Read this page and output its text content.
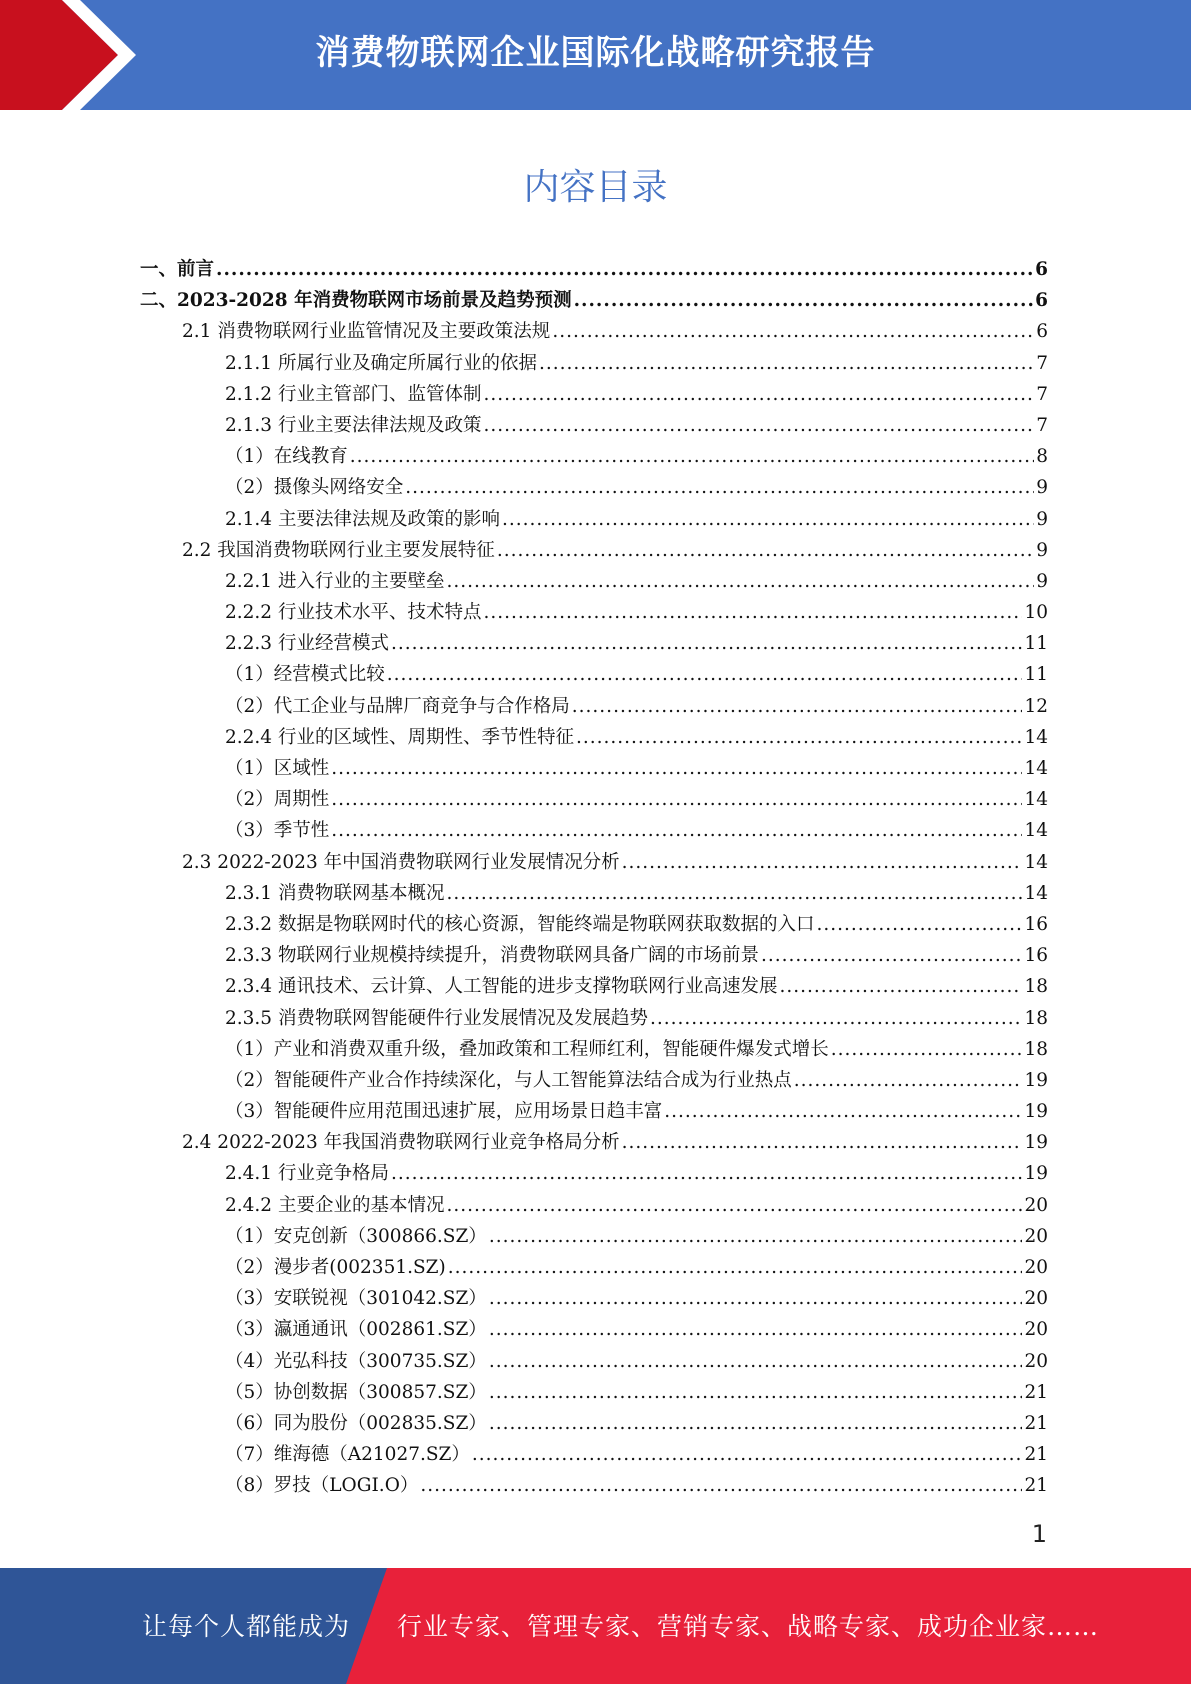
消费物联网企业国际化战略研究报告
内容目录
一、前言 .....	6
二、2023-2028 年消费物联网市场前景及趋势预测 .....	6
2.1 消费物联网行业监管情况及主要政策法规 .....	6
2.1.1 所属行业及确定所属行业的依据 .....	7
2.1.2 行业主管部门、监管体制 .....	7
2.1.3 行业主要法律法规及政策 .....	7
（1）在线教育 .....	8
（2）摄像头网络安全 .....	9
2.1.4 主要法律法规及政策的影响 .....	9
2.2 我国消费物联网行业主要发展特征 .....	9
2.2.1 进入行业的主要壁垒 .....	9
2.2.2 行业技术水平、技术特点 .....	10
2.2.3 行业经营模式 .....	11
（1）经营模式比较 .....	11
（2）代工企业与品牌厂商竞争与合作格局 .....	12
2.2.4 行业的区域性、周期性、季节性特征 .....	14
（1）区域性 .....	14
（2）周期性 .....	14
（3）季节性 .....	14
2.3 2022-2023 年中国消费物联网行业发展情况分析 .....	14
2.3.1 消费物联网基本概况 .....	14
2.3.2 数据是物联网时代的核心资源，智能终端是物联网获取数据的入口 .....	16
2.3.3 物联网行业规模持续提升，消费物联网具备广阔的市场前景 .....	16
2.3.4 通讯技术、云计算、人工智能的进步支撑物联网行业高速发展 .....	18
2.3.5 消费物联网智能硬件行业发展情况及发展趋势 .....	18
（1）产业和消费双重升级，叠加政策和工程师红利，智能硬件爆发式增长 .....	18
（2）智能硬件产业合作持续深化，与人工智能算法结合成为行业热点 .....	19
（3）智能硬件应用范围迅速扩展，应用场景日趋丰富 .....	19
2.4 2022-2023 年我国消费物联网行业竞争格局分析 .....	19
2.4.1 行业竞争格局 .....	19
2.4.2 主要企业的基本情况 .....	20
（1）安克创新（300866.SZ） .....	20
（2）漫步者(002351.SZ) .....	20
（3）安联锐视（301042.SZ） .....	20
（3）瀛通通讯（002861.SZ） .....	20
（4）光弘科技（300735.SZ） .....	20
（5）协创数据（300857.SZ） .....	21
（6）同为股份（002835.SZ） .....	21
（7）维海德（A21027.SZ） .....	21
（8）罗技（LOGI.O） .....	21
1
让每个人都能成为 行业专家、管理专家、营销专家、战略专家、成功企业家……
